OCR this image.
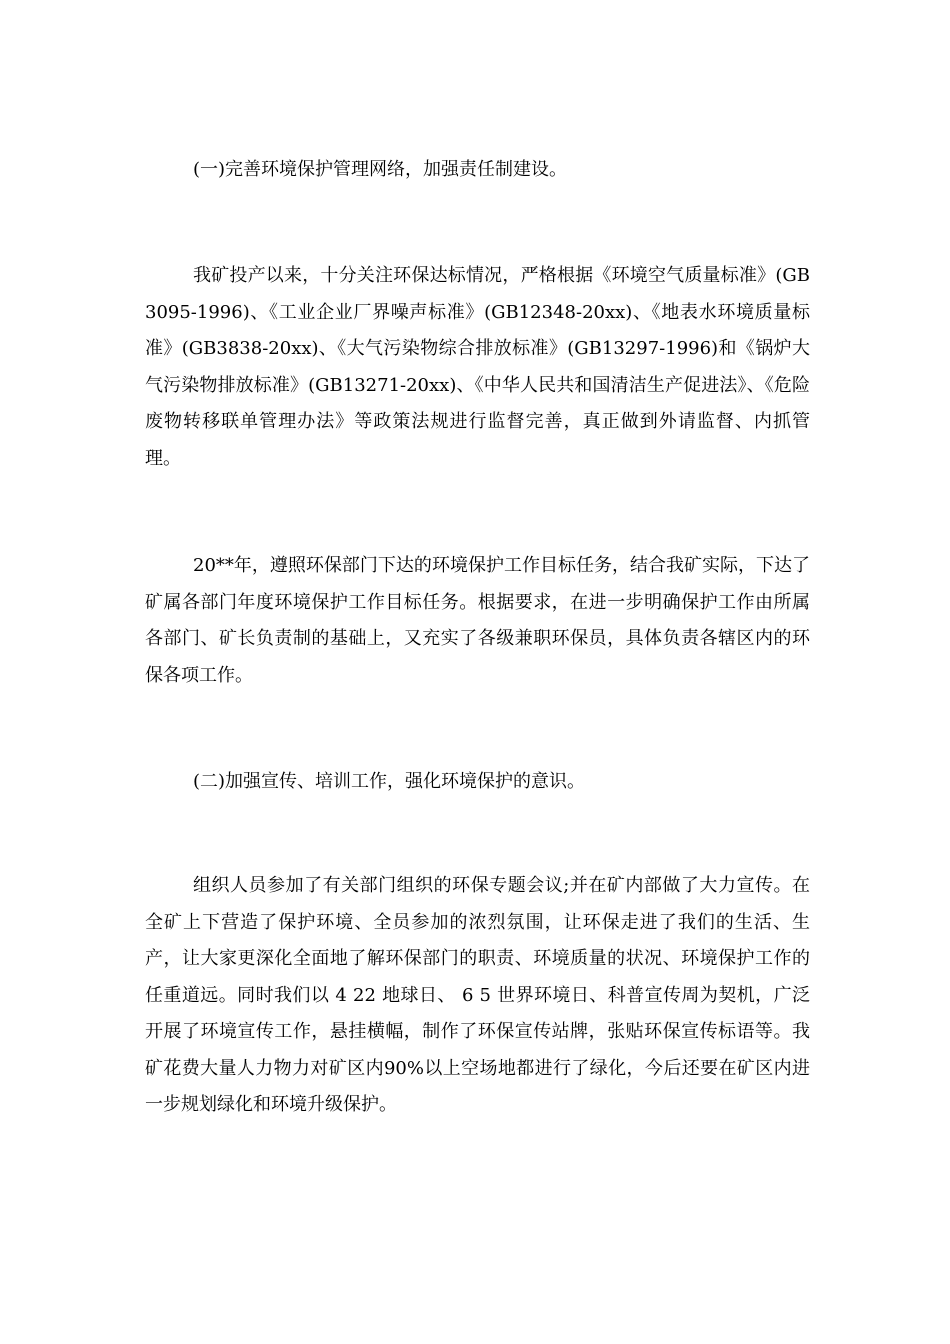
(一)完善环境保护管理网络，加强责任制建设。

我矿投产以来，十分关注环保达标情况，严格根据《环境空气质量标准》(GB3095-1996)、《工业企业厂界噪声标准》(GB12348-20xx)、《地表水环境质量标准》(GB3838-20xx)、《大气污染物综合排放标准》(GB13297-1996)和《锅炉大气污染物排放标准》(GB13271-20xx)、《中华人民共和国清洁生产促进法》、《危险废物转移联单管理办法》等政策法规进行监督完善，真正做到外请监督、内抓管理。

20**年，遵照环保部门下达的环境保护工作目标任务，结合我矿实际，下达了矿属各部门年度环境保护工作目标任务。根据要求，在进一步明确保护工作由所属各部门、矿长负责制的基础上，又充实了各级兼职环保员，具体负责各辖区内的环保各项工作。

(二)加强宣传、培训工作，强化环境保护的意识。

组织人员参加了有关部门组织的环保专题会议;并在矿内部做了大力宣传。在全矿上下营造了保护环境、全员参加的浓烈氛围，让环保走进了我们的生活、生产，让大家更深化全面地了解环保部门的职责、环境质量的状况、环境保护工作的任重道远。同时我们以 4 22 地球日、 6 5 世界环境日、科普宣传周为契机，广泛开展了环境宣传工作，悬挂横幅，制作了环保宣传站牌，张贴环保宣传标语等。我矿花费大量人力物力对矿区内90%以上空场地都进行了绿化，今后还要在矿区内进一步规划绿化和环境升级保护。
